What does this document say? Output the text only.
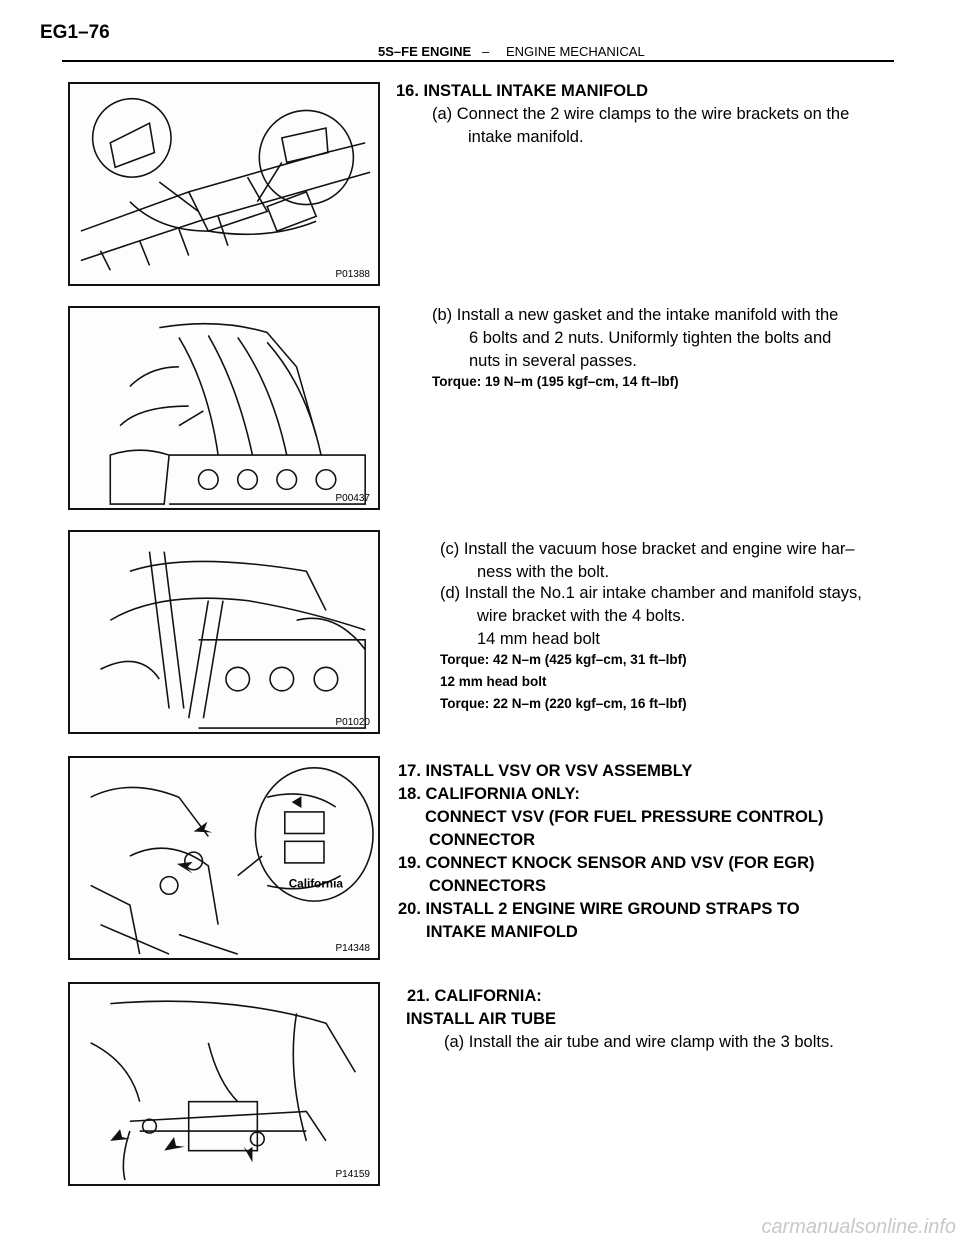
EG1–76
5S–FE ENGINE – ENGINE MECHANICAL
P01388
P00437
P01020
California
P14348
P14159
16. INSTALL INTAKE MANIFOLD
(a) Connect the 2 wire clamps to the wire brackets on the
intake manifold.
(b) Install a new gasket and the intake manifold with the
6 bolts and 2 nuts. Uniformly tighten the bolts and
nuts in several passes.
Torque: 19 N–m (195 kgf–cm, 14 ft–lbf)
(c) Install the vacuum hose bracket and engine wire har–
ness with the bolt.
(d) Install the No.1 air intake chamber and manifold stays,
wire bracket with the 4 bolts.
14 mm head bolt
Torque: 42 N–m (425 kgf–cm, 31 ft–lbf)
12 mm head bolt
Torque: 22 N–m (220 kgf–cm, 16 ft–lbf)
17. INSTALL VSV OR VSV ASSEMBLY
18. CALIFORNIA ONLY:
CONNECT VSV (FOR FUEL PRESSURE CONTROL)
CONNECTOR
19. CONNECT KNOCK SENSOR AND VSV (FOR EGR)
CONNECTORS
20. INSTALL 2 ENGINE WIRE GROUND STRAPS TO
INTAKE MANIFOLD
21. CALIFORNIA:
INSTALL AIR TUBE
(a) Install the air tube and wire clamp with the 3 bolts.
carmanualsonline.info
